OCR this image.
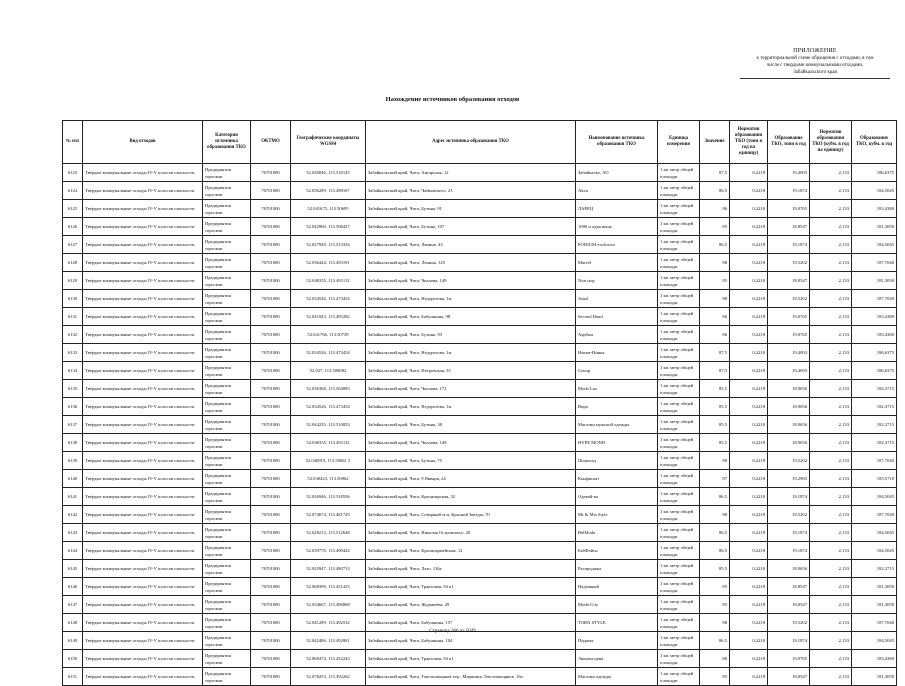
ПРИЛОЖЕНИЕ
к территориальной схеме обращения с отходами, в том
числе с твердыми коммунальными отходами,
Забайкальского края
Нахождение источников образования отходов
№ п/п	Вид отходов	Категория источника образования ТКО	ОКТМО	Географические координаты WGS84	Адрес источника образования ТКО	Наименование источника образования ТКО	Единица измерения	Значение	Норматив образования ТКО (тонн в год на единицу)	Образование ТКО, тонн в год	Норматив образования ТКО (кубм. в год на единицу)	Образование ТКО, кубм. в год
6123	Твёрдые коммунальные отходы IV-V классов опасности	Предприятия торговли	76701000	52.020046, 113.518145	Забайкальский край, Чита, Ангарская, 12	Забайкалье, АО	1 кв. метр общей площади	87,5	0,2218	19,4093	2,133	186,6375
6124	Твёрдые коммунальные отходы IV-V классов опасности	Предприятия торговли	76701000	52.036289, 113.498167	Забайкальский край, Чита, Чайковского, 23	Akva	1 кв. метр общей площади	86,5	0,2218	19,1874	2,133	184,5045
6125	Твёрдые коммунальные отходы IV-V классов опасности	Предприятия торговли	76701000	52.041675, 113.50695	Забайкальский край, Чита, Бутина, 91	ЛАРЕЦ	1 кв. метр общей площади	86	0,2218	19,0765	2,133	183,4380
6126	Твёрдые коммунальные отходы IV-V классов опасности	Предприятия торговли	76701000	52.042969, 113.508427	Забайкальский край, Чита, Бутина, 107	1000 и одна вещь	1 кв. метр общей площади	85	0,2218	18,8547	2,133	181,3050
6127	Твёрдые коммунальные отходы IV-V классов опасности	Предприятия торговли	76701000	52.027949, 113.513334	Забайкальский край, Чита, Ленина, 43	РODIUM-exclusive	1 кв. метр общей площади	86,5	0,2218	19,1874	2,133	184,5045
6128	Твёрдые коммунальные отходы IV-V классов опасности	Предприятия торговли	76701000	52.036444, 113.493191	Забайкальский край, Чита, Ленина, 125	Marvel	1 кв. метр общей площади	88	0,2218	19,5202	2,133	187,7040
6129	Твёрдые коммунальные отходы IV-V классов опасности	Предприятия торговли	76701000	52.040355, 113.491112	Забайкальский край, Чита, Чкалова, 149	Non stop	1 кв. метр общей площади	85	0,2218	18,8547	2,133	181,3050
6130	Твёрдые коммунальные отходы IV-V классов опасности	Предприятия торговли	76701000	52.034526, 113.473454	Забайкальский край, Чита, Недорезова, 1м	Amol	1 кв. метр общей площади	88	0,2218	19,5202	2,133	187,7040
6131	Твёрдые коммунальные отходы IV-V классов опасности	Предприятия торговли	76701000	52.041843, 113.495282	Забайкальский край, Чита, Бабушкина, 98	Second Hand	1 кв. метр общей площади	86	0,2218	19,0765	2,133	183,4380
6132	Твёрдые коммунальные отходы IV-V классов опасности	Предприятия торговли	76701000	52.041766, 113.50739	Забайкальский край, Чита, Бутина, 93	Харбин	1 кв. метр общей площади	86	0,2218	19,0765	2,133	183,4380
6133	Твёрдые коммунальные отходы IV-V классов опасности	Предприятия торговли	76701000	52.034526, 113.473454	Забайкальский край, Чита, Недорезова, 1м	Нитки-Нинка	1 кв. метр общей площади	87,5	0,2218	19,4093	2,133	186,6375
6134	Твёрдые коммунальные отходы IV-V классов опасности	Предприятия торговли	76701000	52.027, 113.508082	Забайкальский край, Чита, Петровская, 35	Сенор	1 кв. метр общей площади	87,5	0,2218	19,4093	2,133	186,6375
6135	Твёрдые коммунальные отходы IV-V классов опасности	Предприятия торговли	76701000	52.036368, 113.504083	Забайкальский край, Чита, Чкалова, 172	Moda Lux	1 кв. метр общей площади	85,5	0,2218	18,9656	2,133	182,3715
6136	Твёрдые коммунальные отходы IV-V классов опасности	Предприятия торговли	76701000	52.034526, 113.473454	Забайкальский край, Чита, Недорезова, 1м	Вира	1 кв. метр общей площади	85,5	0,2218	18,9656	2,133	182,3715
6137	Твёрдые коммунальные отходы IV-V классов опасности	Предприятия торговли	76701000	52.044235, 113.510853	Забайкальский край, Чита, Бутина, 38	Магазин мужской одежды	1 кв. метр общей площади	85,5	0,2218	18,9656	2,133	182,3715
6138	Твёрдые коммунальные отходы IV-V классов опасности	Предприятия торговли	76701000	52.040355, 113.491112	Забайкальский край, Чита, Чкалова, 149	HYPE MOND	1 кв. метр общей площади	85,5	0,2218	18,9656	2,133	182,3715
6139	Твёрдые коммунальные отходы IV-V классов опасности	Предприятия торговли	76701000	52.040819, 113.50661 5	Забайкальский край, Чита, Бутина, 75	Шоколад	1 кв. метр общей площади	88	0,2218	19,5202	2,133	187,7040
6140	Твёрдые коммунальные отходы IV-V классов опасности	Предприятия торговли	76701000	52.030423, 113.50962	Забайкальский край, Чита, 9 Января, 24	Конфискат	1 кв. метр общей площади	87	0,2218	19,2983	2,133	185,5710
6141	Твёрдые коммунальные отходы IV-V классов опасности	Предприятия торговли	76701000	52.026946, 113.518556	Забайкальский край, Чита, Красноярская, 32	Одевай-ка	1 кв. метр общей площади	86,5	0,2218	19,1874	2,133	184,5045
6142	Твёрдые коммунальные отходы IV-V классов опасности	Предприятия торговли	76701000	52.074674, 113.481729	Забайкальский край, Чита, Северный м-н, Красной Звезды, 70	Mr & Mrs Style	1 кв. метр общей площади	88	0,2218	19,5202	2,133	187,7040
6143	Твёрдые коммунальные отходы IV-V классов опасности	Предприятия торговли	76701000	52.028213, 113.512648	Забайкальский край, Чита, Николая Островского, 20	BelModa	1 кв. метр общей площади	86,5	0,2218	19,1874	2,133	184,5045
6144	Твёрдые коммунальные отходы IV-V классов опасности	Предприятия торговли	76701000	52.039778, 113.490424	Забайкальский край, Чита, Красноармейская, 12	БабФэйсн	1 кв. метр общей площади	86,5	0,2218	19,1874	2,133	184,5045
6145	Твёрдые коммунальные отходы IV-V классов опасности	Предприятия торговли	76701000	52.025947, 113.480713	Забайкальский край, Чита, Лазо, 116а	Распродажа	1 кв. метр общей площади	85,5	0,2218	18,9656	2,133	182,3715
6146	Твёрдые коммунальные отходы IV-V классов опасности	Предприятия торговли	76701000	52.068399, 113.451425	Забайкальский край, Чита, Трактовая, 54 к1	Надежный	1 кв. метр общей площади	85	0,2218	18,8547	2,133	181,3050
6147	Твёрдые коммунальные отходы IV-V классов опасности	Предприятия торговли	76701000	52.034667, 113.496868	Забайкальский край, Чита, Журавлёва, 29	Moda-City	1 кв. метр общей площади	85	0,2218	18,8547	2,133	181,3050
6148	Твёрдые коммунальные отходы IV-V классов опасности	Предприятия торговли	76701000	52.041289, 113.492532	Забайкальский край, Чита, Бабушкина, 157	TORN STYLE	1 кв. метр общей площади	88	0,2218	19,5202	2,133	187,7040
6149	Твёрдые коммунальные отходы IV-V классов опасности	Предприятия торговли	76701000	52.042406, 113.492861	Забайкальский край, Чита, Бабушкина, 104	Пиджак	1 кв. метр общей площади	86,5	0,2218	19,1874	2,133	184,5045
6150	Твёрдые коммунальные отходы IV-V классов опасности	Предприятия торговли	76701000	52.068474, 113.452243	Забайкальский край, Чита, Трактовая, 54 к1	Эконом-цена	1 кв. метр общей площади	86	0,2218	19,0765	2,133	183,4380
6151	Твёрдые коммунальные отходы IV-V классов опасности	Предприятия торговли	76701000	52.078253, 113.392262	Забайкальский край, Чита, Текстильщиков тер., Мариинск Текстильщиков, 16а	Магазин одежды	1 кв. метр общей площади	85	0,2218	18,8547	2,133	181,3050
Страница 366 из 5049
